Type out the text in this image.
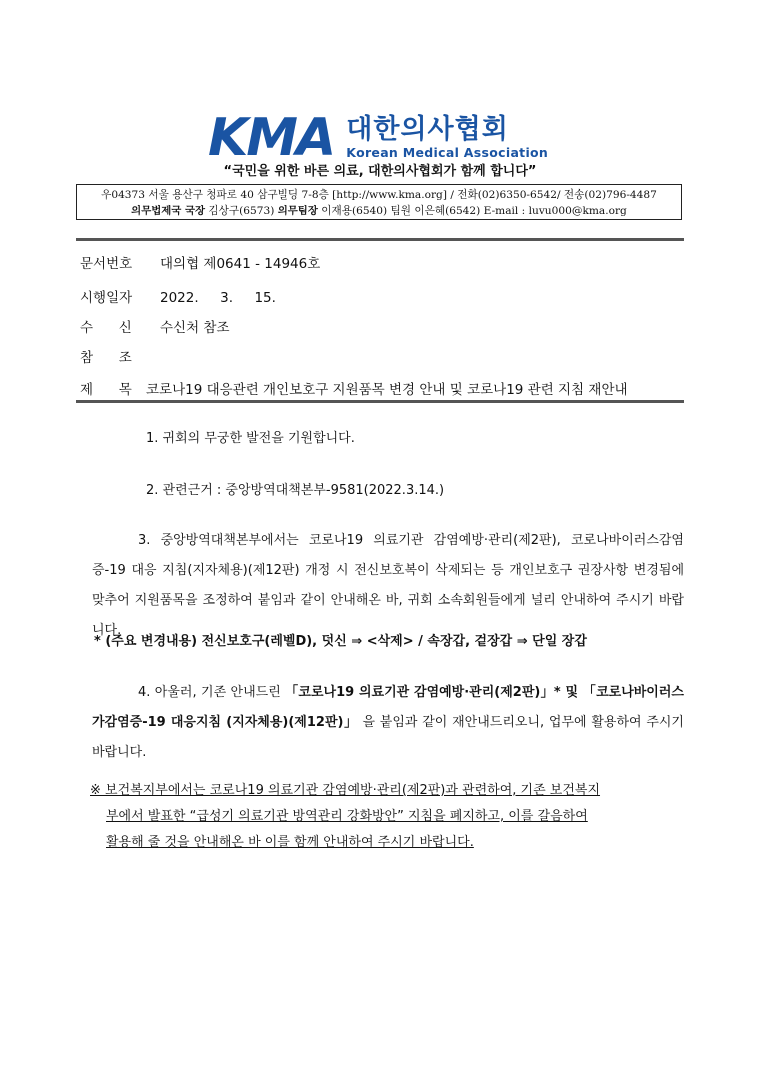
KMA 대한의사협회
Korean Medical Association
“국민을 위한 바른 의료, 대한의사협회가 함께 합니다”
우04373 서울 용산구 청파로 40 삼구빌딩 7-8층 [http://www.kma.org] / 전화(02)6350-6542/ 전송(02)796-4487
의무법제국 국장 김상구(6573) 의무팀장 이재용(6540) 팀원 이은혜(6542) E-mail : luvu000@kma.org
문서번호 대의협 제0641 - 14946호
시행일자 2022.     3.     15.
수      신 수신처 참조
참      조
제      목 코로나19 대응관련 개인보호구 지원품목 변경 안내 및 코로나19 관련 지침 재안내
1. 귀회의 무궁한 발전을 기원합니다.
2. 관련근거 : 중앙방역대책본부-9581(2022.3.14.)
3. 중앙방역대책본부에서는 코로나19 의료기관 감염예방·관리(제2판), 코로나바이러스감염증-19 대응 지침(지자체용)(제12판) 개정 시 전신보호복이 삭제되는 등 개인보호구 권장사항 변경됨에 맞추어 지원품목을 조정하여 붙임과 같이 안내해온 바, 귀회 소속회원들에게 널리 안내하여 주시기 바랍니다.
* (주요 변경내용) 전신보호구(레벨D), 덧신 ⇒ <삭제> / 속장갑, 겉장갑 ⇒ 단일 장갑
4. 아울러, 기존 안내드린 「코로나19 의료기관 감염예방·관리(제2판)」* 및 「코로나바이러스가감염증-19 대응지침 (지자체용)(제12판)」 을 붙임과 같이 재안내드리오니, 업무에 활용하여 주시기 바랍니다.
※ 보건복지부에서는 코로나19 의료기관 감염예방·관리(제2판)과 관련하여, 기존 보건복지
부에서 발표한 “급성기 의료기관 방역관리 강화방안” 지침을 폐지하고, 이를 갈음하여
활용해 줄 것을 안내해온 바 이를 함께 안내하여 주시기 바랍니다.
